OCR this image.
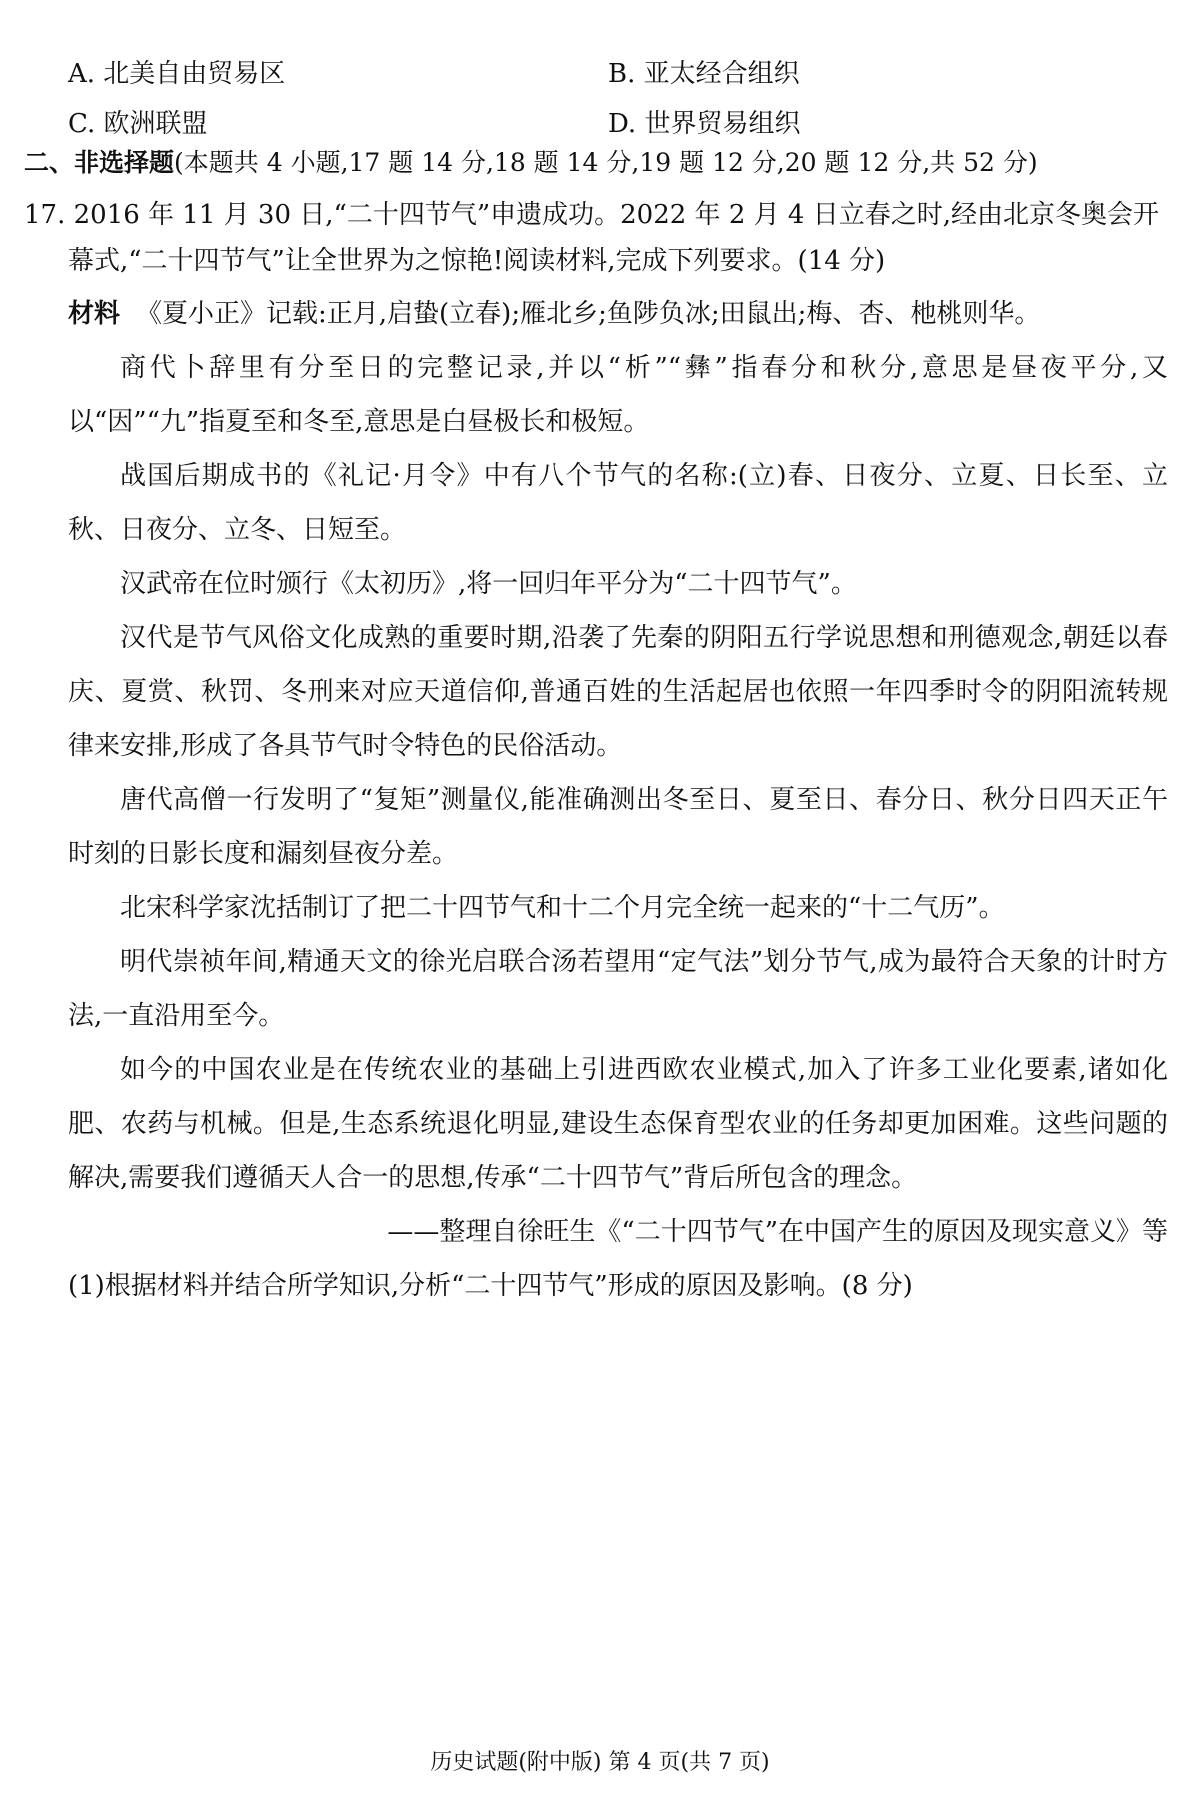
A. 北美自由贸易区	B. 亚太经合组织
C. 欧洲联盟	D. 世界贸易组织
二、非选择题(本题共 4 小题,17 题 14 分,18 题 14 分,19 题 12 分,20 题 12 分,共 52 分)
17. 2016 年 11 月 30 日,“二十四节气”申遗成功。2022 年 2 月 4 日立春之时,经由北京冬奥会开
幕式,“二十四节气”让全世界为之惊艳!阅读材料,完成下列要求。(14 分)

材料 《夏小正》记载:正月,启蛰(立春);雁北乡;鱼陟负冰;田鼠出;梅、杏、杝桃则华。

商代卜辞里有分至日的完整记录,并以“析”“彝”指春分和秋分,意思是昼夜平分,又以“因”“九”指夏至和冬至,意思是白昼极长和极短。

战国后期成书的《礼记·月令》中有八个节气的名称:(立)春、日夜分、立夏、日长至、立秋、日夜分、立冬、日短至。

汉武帝在位时颁行《太初历》,将一回归年平分为“二十四节气”。

汉代是节气风俗文化成熟的重要时期,沿袭了先秦的阴阳五行学说思想和刑德观念,朝廷以春庆、夏赏、秋罚、冬刑来对应天道信仰,普通百姓的生活起居也依照一年四季时令的阴阳流转规律来安排,形成了各具节气时令特色的民俗活动。

唐代高僧一行发明了“复矩”测量仪,能准确测出冬至日、夏至日、春分日、秋分日四天正午时刻的日影长度和漏刻昼夜分差。

北宋科学家沈括制订了把二十四节气和十二个月完全统一起来的“十二气历”。

明代崇祯年间,精通天文的徐光启联合汤若望用“定气法”划分节气,成为最符合天象的计时方法,一直沿用至今。

如今的中国农业是在传统农业的基础上引进西欧农业模式,加入了许多工业化要素,诸如化肥、农药与机械。但是,生态系统退化明显,建设生态保育型农业的任务却更加困难。这些问题的解决,需要我们遵循天人合一的思想,传承“二十四节气”背后所包含的理念。

——整理自徐旺生《“二十四节气”在中国产生的原因及现实意义》等

(1)根据材料并结合所学知识,分析“二十四节气”形成的原因及影响。(8 分)

历史试题(附中版) 第 4 页(共 7 页)
